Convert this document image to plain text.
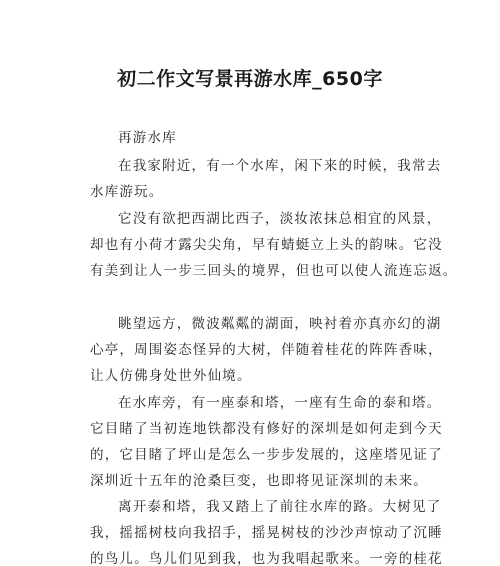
初二作文写景再游水库_650字
再游水库
在我家附近，有一个水库，闲下来的时候，我常去
水库游玩。
它没有欲把西湖比西子，淡妆浓抹总相宜的风景，
却也有小荷才露尖尖角，早有蜻蜓立上头的韵味。它没
有美到让人一步三回头的境界，但也可以使人流连忘返。
眺望远方，微波粼粼的湖面，映衬着亦真亦幻的湖
心亭，周围姿态怪异的大树，伴随着桂花的阵阵香味，
让人仿佛身处世外仙境。
在水库旁，有一座泰和塔，一座有生命的泰和塔。
它目睹了当初连地铁都没有修好的深圳是如何走到今天
的，它目睹了坪山是怎么一步步发展的，这座塔见证了
深圳近十五年的沧桑巨变，也即将见证深圳的未来。
离开泰和塔，我又踏上了前往水库的路。大树见了
我，摇摇树枝向我招手，摇晃树枝的沙沙声惊动了沉睡
的鸟儿。鸟儿们见到我，也为我唱起歌来。一旁的桂花
